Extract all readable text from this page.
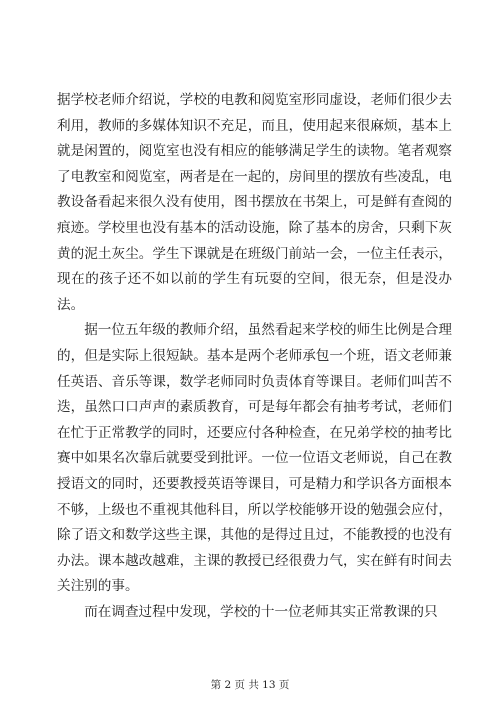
据学校老师介绍说，学校的电教和阅览室形同虚设，老师们很少去利用，教师的多媒体知识不充足，而且，使用起来很麻烦，基本上就是闲置的，阅览室也没有相应的能够满足学生的读物。笔者观察了电教室和阅览室，两者是在一起的，房间里的摆放有些凌乱，电教设备看起来很久没有使用，图书摆放在书架上，可是鲜有查阅的痕迹。学校里也没有基本的活动设施，除了基本的房舍，只剩下灰黄的泥土灰尘。学生下课就是在班级门前站一会，一位主任表示，现在的孩子还不如以前的学生有玩耍的空间，很无奈，但是没办法。

据一位五年级的教师介绍，虽然看起来学校的师生比例是合理的，但是实际上很短缺。基本是两个老师承包一个班，语文老师兼任英语、音乐等课，数学老师同时负责体育等课目。老师们叫苦不迭，虽然口口声声的素质教育，可是每年都会有抽考考试，老师们在忙于正常教学的同时，还要应付各种检查，在兄弟学校的抽考比赛中如果名次靠后就要受到批评。一位一位语文老师说，自己在教授语文的同时，还要教授英语等课目，可是精力和学识各方面根本不够，上级也不重视其他科目，所以学校能够开设的勉强会应付，除了语文和数学这些主课，其他的是得过且过，不能教授的也没有办法。课本越改越难，主课的教授已经很费力气，实在鲜有时间去关注别的事。

而在调查过程中发现，学校的十一位老师其实正常教课的只

第 2 页 共 13 页
